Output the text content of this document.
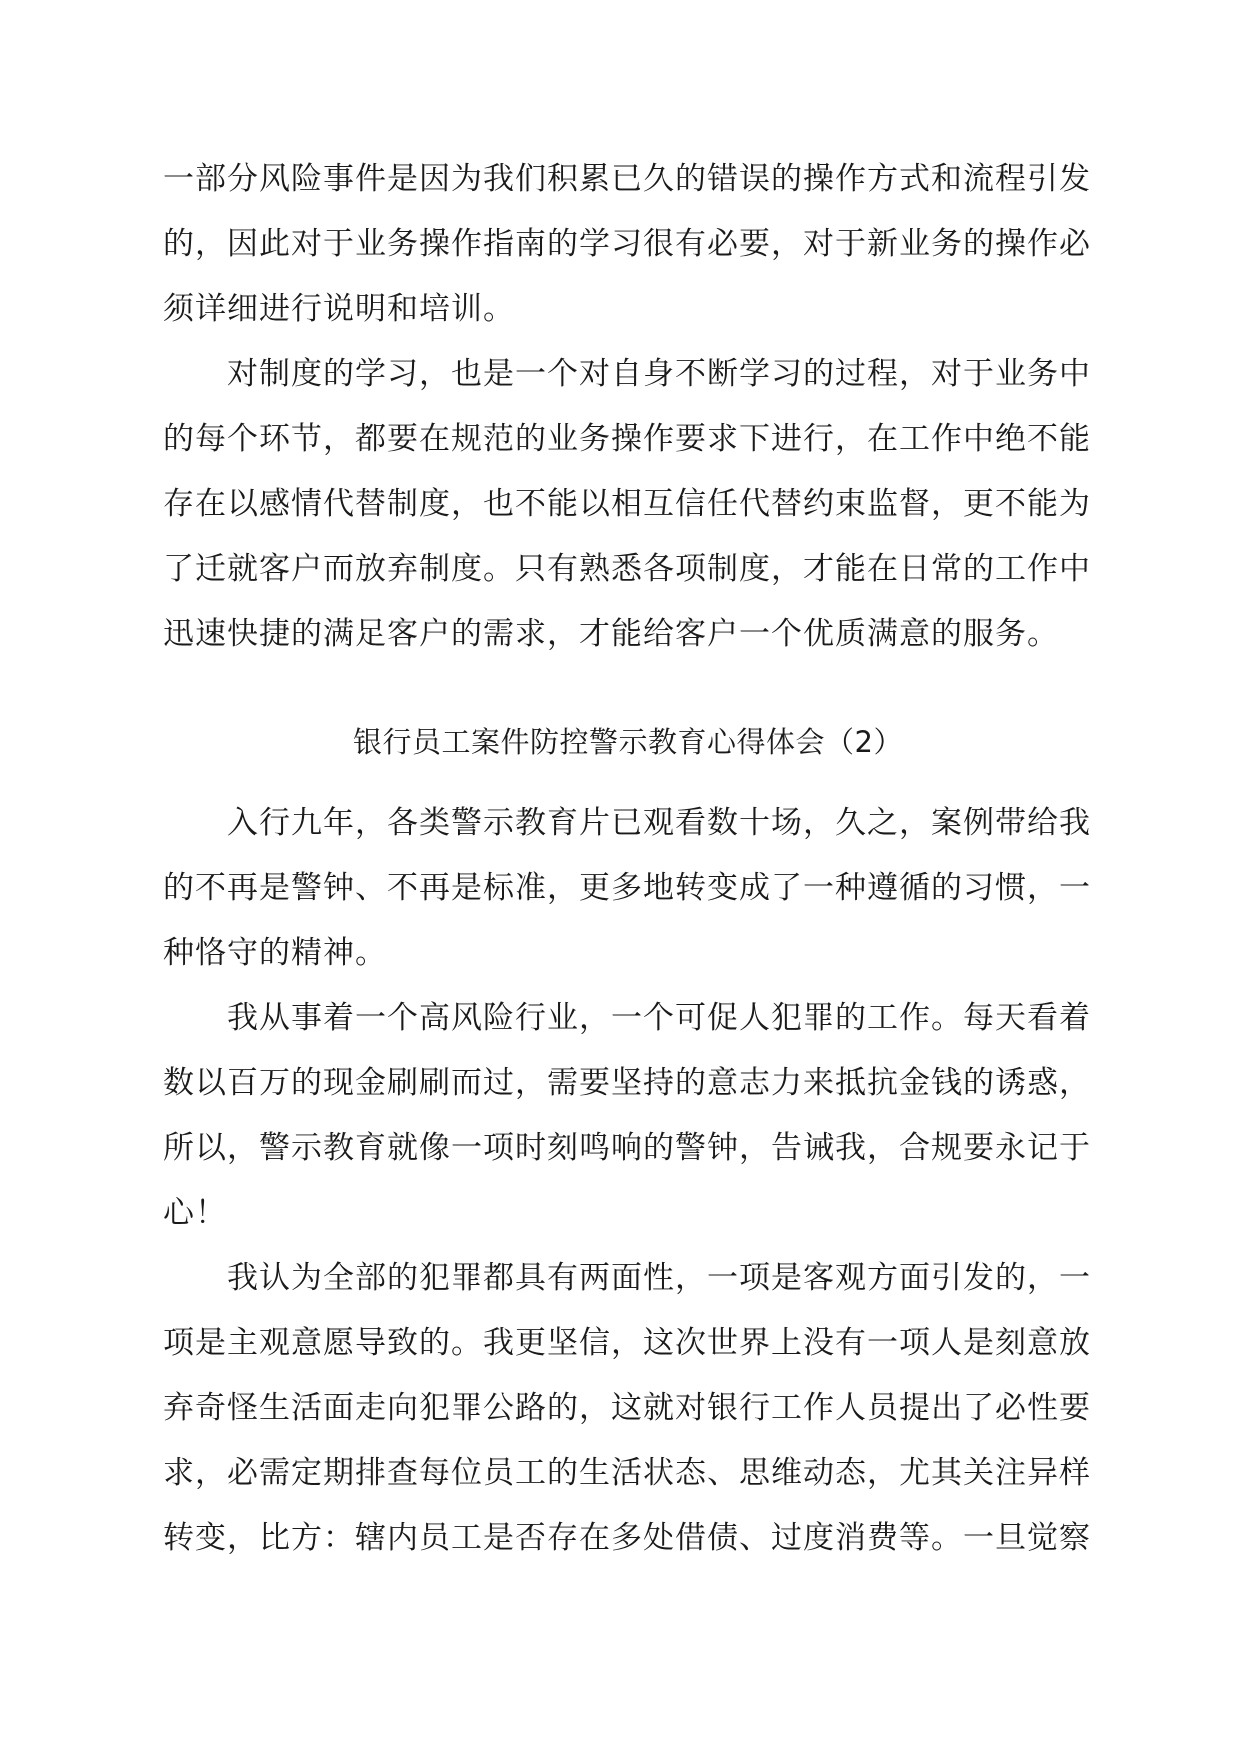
一部分风险事件是因为我们积累已久的错误的操作方式和流程引发
的，因此对于业务操作指南的学习很有必要，对于新业务的操作必
须详细进行说明和培训。
　　对制度的学习，也是一个对自身不断学习的过程，对于业务中
的每个环节，都要在规范的业务操作要求下进行，在工作中绝不能
存在以感情代替制度，也不能以相互信任代替约束监督，更不能为
了迁就客户而放弃制度。只有熟悉各项制度，才能在日常的工作中
迅速快捷的满足客户的需求，才能给客户一个优质满意的服务。
银行员工案件防控警示教育心得体会（2）
　　入行九年，各类警示教育片已观看数十场，久之，案例带给我
的不再是警钟、不再是标准，更多地转变成了一种遵循的习惯，一
种恪守的精神。
　　我从事着一个高风险行业，一个可促人犯罪的工作。每天看着
数以百万的现金刷刷而过，需要坚持的意志力来抵抗金钱的诱惑，
所以，警示教育就像一项时刻鸣响的警钟，告诫我，合规要永记于
心！
　　我认为全部的犯罪都具有两面性，一项是客观方面引发的，一
项是主观意愿导致的。我更坚信，这次世界上没有一项人是刻意放
弃奇怪生活面走向犯罪公路的，这就对银行工作人员提出了必性要
求，必需定期排查每位员工的生活状态、思维动态，尤其关注异样
转变，比方：辖内员工是否存在多处借债、过度消费等。一旦觉察
